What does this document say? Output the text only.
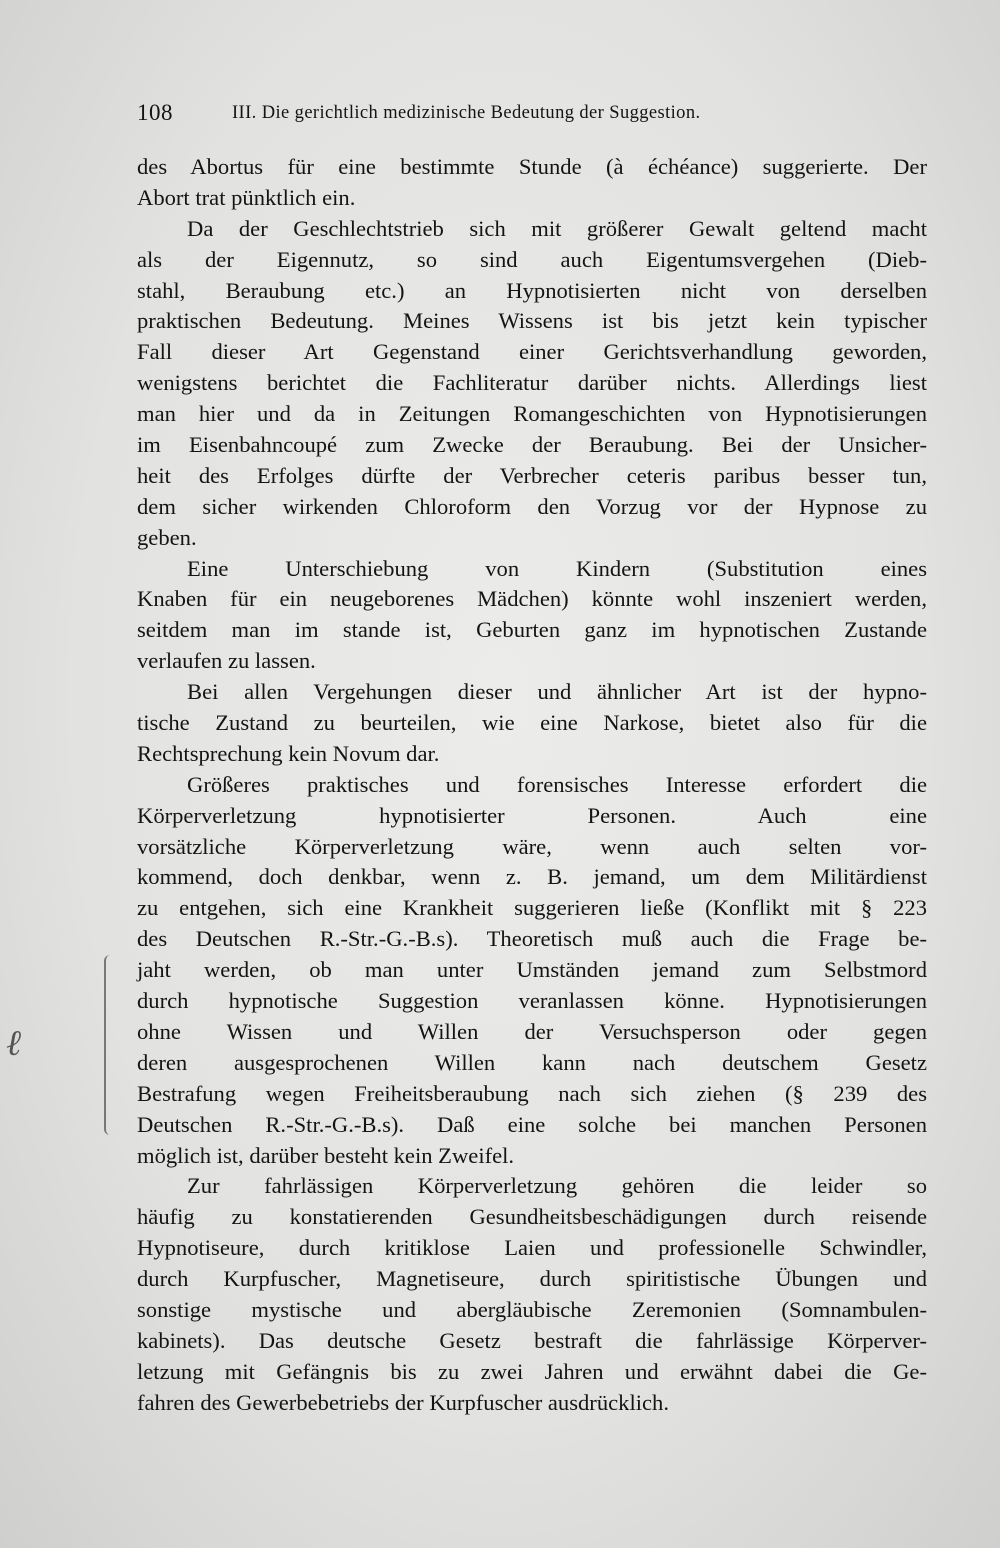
108	III. Die gerichtlich medizinische Bedeutung der Suggestion.
des Abortus für eine bestimmte Stunde (à échéance) suggerierte. Der
Abort trat pünktlich ein.
Da der Geschlechtstrieb sich mit größerer Gewalt geltend macht
als der Eigennutz, so sind auch Eigentumsvergehen (Dieb-
stahl, Beraubung etc.) an Hypnotisierten nicht von derselben
praktischen Bedeutung. Meines Wissens ist bis jetzt kein typischer
Fall dieser Art Gegenstand einer Gerichtsverhandlung geworden,
wenigstens berichtet die Fachliteratur darüber nichts. Allerdings liest
man hier und da in Zeitungen Romangeschichten von Hypnotisierungen
im Eisenbahncoupé zum Zwecke der Beraubung. Bei der Unsicher-
heit des Erfolges dürfte der Verbrecher ceteris paribus besser tun,
dem sicher wirkenden Chloroform den Vorzug vor der Hypnose zu
geben.
Eine Unterschiebung von Kindern (Substitution eines
Knaben für ein neugeborenes Mädchen) könnte wohl inszeniert werden,
seitdem man im stande ist, Geburten ganz im hypnotischen Zustande
verlaufen zu lassen.
Bei allen Vergehungen dieser und ähnlicher Art ist der hypno-
tische Zustand zu beurteilen, wie eine Narkose, bietet also für die
Rechtsprechung kein Novum dar.
Größeres praktisches und forensisches Interesse erfordert die
Körperverletzung hypnotisierter Personen. Auch eine
vorsätzliche Körperverletzung wäre, wenn auch selten vor-
kommend, doch denkbar, wenn z. B. jemand, um dem Militärdienst
zu entgehen, sich eine Krankheit suggerieren ließe (Konflikt mit § 223
des Deutschen R.-Str.-G.-B.s). Theoretisch muß auch die Frage be-
jaht werden, ob man unter Umständen jemand zum Selbstmord
durch hypnotische Suggestion veranlassen könne. Hypnotisierungen
ohne Wissen und Willen der Versuchsperson oder gegen
deren ausgesprochenen Willen kann nach deutschem Gesetz
Bestrafung wegen Freiheitsberaubung nach sich ziehen (§ 239 des
Deutschen R.-Str.-G.-B.s). Daß eine solche bei manchen Personen
möglich ist, darüber besteht kein Zweifel.
Zur fahrlässigen Körperverletzung gehören die leider so
häufig zu konstatierenden Gesundheitsbeschädigungen durch reisende
Hypnotiseure, durch kritiklose Laien und professionelle Schwindler,
durch Kurpfuscher, Magnetiseure, durch spiritistische Übungen und
sonstige mystische und abergläubische Zeremonien (Somnambulen-
kabinets). Das deutsche Gesetz bestraft die fahrlässige Körperver-
letzung mit Gefängnis bis zu zwei Jahren und erwähnt dabei die Ge-
fahren des Gewerbebetriebs der Kurpfuscher ausdrücklich.
ℓ
